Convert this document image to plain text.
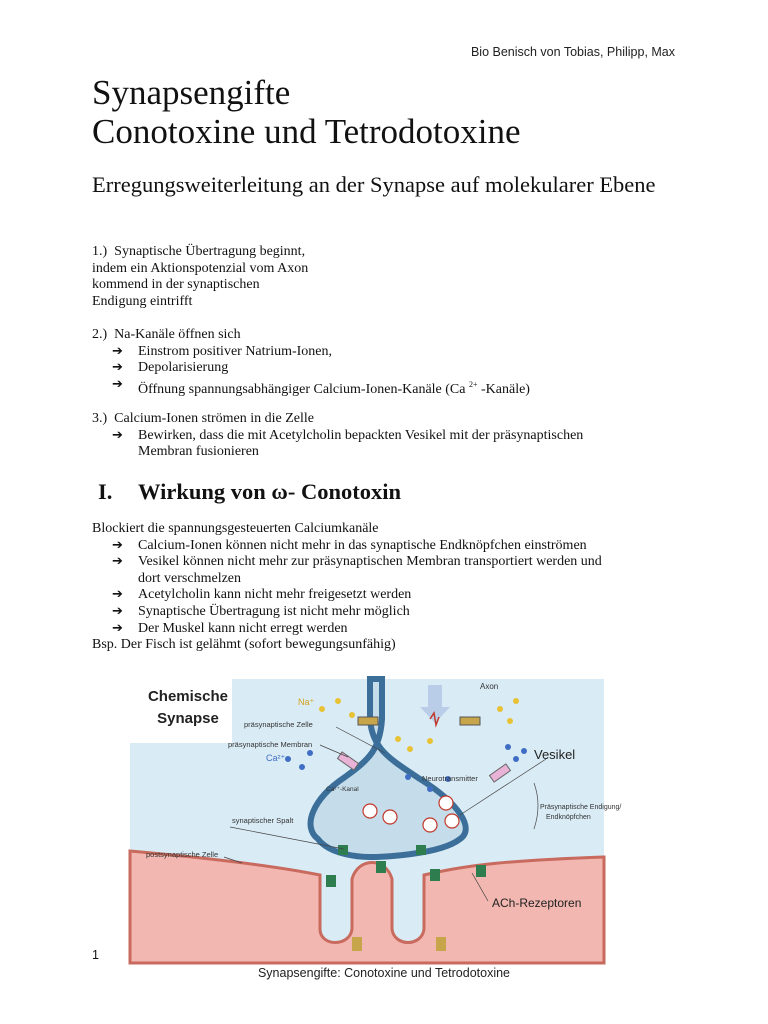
Bio Benisch von Tobias, Philipp, Max
Synapsengifte
Conotoxine und Tetrodotoxine
Erregungsweiterleitung an der Synapse auf molekularer Ebene
1.) Synaptische Übertragung beginnt,
indem ein Aktionspotenzial vom Axon
kommend in der synaptischen
Endigung eintrifft
2.) Na-Kanäle öffnen sich
➔ Einstrom positiver Natrium-Ionen,
➔ Depolarisierung
➔ Öffnung spannungsabhängiger Calcium-Ionen-Kanäle (Ca $^{2+}$ -Kanäle)
3.) Calcium-Ionen strömen in die Zelle
➔ Bewirken, dass die mit Acetylcholin bepackten Vesikel mit der präsynaptischen
Membran fusionieren
I. Wirkung von ω- Conotoxin
Blockiert die spannungsgesteuerten Calciumkanäle
➔ Calcium-Ionen können nicht mehr in das synaptische Endknöpfchen einströmen
➔ Vesikel können nicht mehr zur präsynaptischen Membran transportiert werden und
dort verschmelzen
➔ Acetylcholin kann nicht mehr freigesetzt werden
➔ Synaptische Übertragung ist nicht mehr möglich
➔ Der Muskel kann nicht erregt werden
Bsp. Der Fisch ist gelähmt (sofort bewegungsunfähig)
Chemische
Synapse
Axon
Na⁺
präsynaptische Zelle
präsynaptische Membran
Ca²⁺
Ca²⁺-Kanal
Vesikel
Neurotransmitter
Präsynaptische Endigung/
Endknöpfchen
synaptischer Spalt
postsynaptische Zelle
ACh-Rezeptoren
1
Synapsengifte: Conotoxine und Tetrodotoxine
